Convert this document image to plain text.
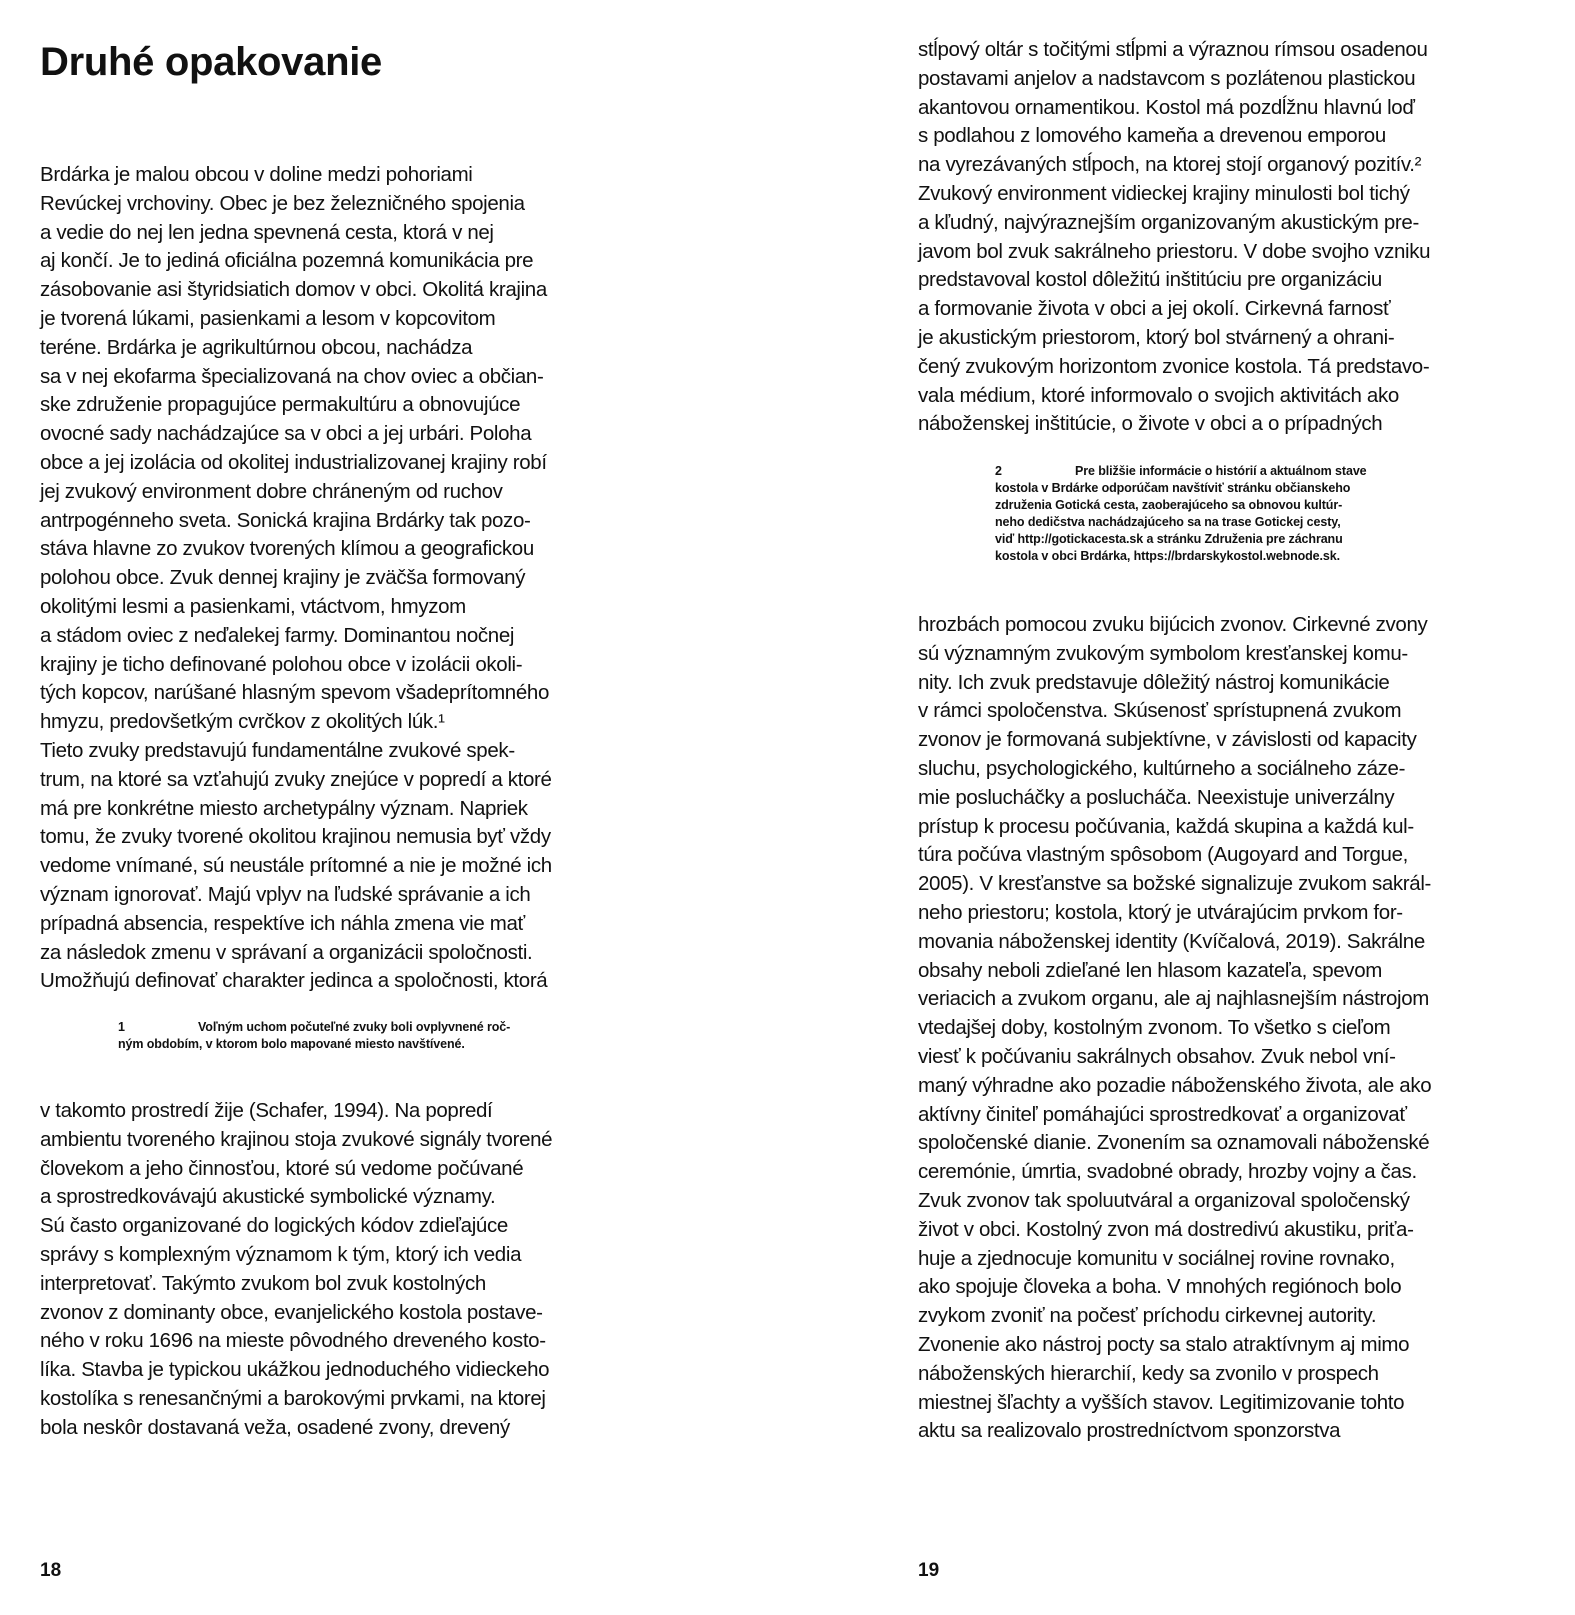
Druhé opakovanie
Brdárka je malou obcou v doline medzi pohoriami
Revúckej vrchoviny. Obec je bez železničného spojenia
a vedie do nej len jedna spevnená cesta, ktorá v nej
aj končí. Je to jediná oficiálna pozemná komunikácia pre
zásobovanie asi štyridsiatich domov v obci. Okolitá krajina
je tvorená lúkami, pasienkami a lesom v kopcovitom
teréne. Brdárka je agrikultúrnou obcou, nachádza
sa v nej ekofarma špecializovaná na chov oviec a občian-
ske združenie propagujúce permakultúru a obnovujúce
ovocné sady nachádzajúce sa v obci a jej urbári. Poloha
obce a jej izolácia od okolitej industrializovanej krajiny robí
jej zvukový environment dobre chráneným od ruchov
antrpogénneho sveta. Sonická krajina Brdárky tak pozo-
stáva hlavne zo zvukov tvorených klímou a geografickou
polohou obce. Zvuk dennej krajiny je zväčša formovaný
okolitými lesmi a pasienkami, vtáctvom, hmyzom
a stádom oviec z neďalekej farmy. Dominantou nočnej
krajiny je ticho definované polohou obce v izolácii okoli-
tých kopcov, narúšané hlasným spevom všadeprítomného
hmyzu, predovšetkým cvrčkov z okolitých lúk.¹
Tieto zvuky predstavujú fundamentálne zvukové spek-
trum, na ktoré sa vzťahujú zvuky znejúce v popredí a ktoré
má pre konkrétne miesto archetypálny význam. Napriek
tomu, že zvuky tvorené okolitou krajinou nemusia byť vždy
vedome vnímané, sú neustále prítomné a nie je možné ich
význam ignorovať. Majú vplyv na ľudské správanie a ich
prípadná absencia, respektíve ich náhla zmena vie mať
za následok zmenu v správaní a organizácii spoločnosti.
Umožňujú definovať charakter jedinca a spoločnosti, ktorá
1	Voľným uchom počuteľné zvuky boli ovplyvnené roč-
ným obdobím, v ktorom bolo mapované miesto navštívené.
v takomto prostredí žije (Schafer, 1994). Na popredí
ambientu tvoreného krajinou stoja zvukové signály tvorené
človekom a jeho činnosťou, ktoré sú vedome počúvané
a sprostredkovávajú akustické symbolické významy.
Sú často organizované do logických kódov zdieľajúce
správy s komplexným významom k tým, ktorý ich vedia
interpretovať. Takýmto zvukom bol zvuk kostolných
zvonov z dominanty obce, evanjelického kostola postave-
ného v roku 1696 na mieste pôvodného dreveného kosto-
líka. Stavba je typickou ukážkou jednoduchého vidieckeho
kostolíka s renesančnými a barokovými prvkami, na ktorej
bola neskôr dostavaná veža, osadené zvony, drevený
18
stĺpový oltár s točitými stĺpmi a výraznou rímsou osadenou
postavami anjelov a nadstavcom s pozlátenou plastickou
akantovou ornamentikou. Kostol má pozdĺžnu hlavnú loď
s podlahou z lomového kameňa a drevenou emporou
na vyrezávaných stĺpoch, na ktorej stojí organový pozitív.²
Zvukový environment vidieckej krajiny minulosti bol tichý
a kľudný, najvýraznejším organizovaným akustickým pre-
javom bol zvuk sakrálneho priestoru. V dobe svojho vzniku
predstavoval kostol dôležitú inštitúciu pre organizáciu
a formovanie života v obci a jej okolí. Cirkevná farnosť
je akustickým priestorom, ktorý bol stvárnený a ohrani-
čený zvukovým horizontom zvonice kostola. Tá predstavo-
vala médium, ktoré informovalo o svojich aktivitách ako
náboženskej inštitúcie, o živote v obci a o prípadných
2	Pre bližšie informácie o histórií a aktuálnom stave
kostola v Brdárke odporúčam navštíviť stránku občianskeho
združenia Gotická cesta, zaoberajúceho sa obnovou kultúr-
neho dedičstva nachádzajúceho sa na trase Gotickej cesty,
viď http://gotickacesta.sk a stránku Združenia pre záchranu
kostola v obci Brdárka, https://brdarskykostol.webnode.sk.
hrozbách pomocou zvuku bijúcich zvonov. Cirkevné zvony
sú významným zvukovým symbolom kresťanskej komu-
nity. Ich zvuk predstavuje dôležitý nástroj komunikácie
v rámci spoločenstva. Skúsenosť sprístupnená zvukom
zvonov je formovaná subjektívne, v závislosti od kapacity
sluchu, psychologického, kultúrneho a sociálneho záze-
mie poslucháčky a poslucháča. Neexistuje univerzálny
prístup k procesu počúvania, každá skupina a každá kul-
túra počúva vlastným spôsobom (Augoyard and Torgue,
2005). V kresťanstve sa božské signalizuje zvukom sakrál-
neho priestoru; kostola, ktorý je utvárajúcim prvkom for-
movania náboženskej identity (Kvíčalová, 2019). Sakrálne
obsahy neboli zdieľané len hlasom kazateľa, spevom
veriacich a zvukom organu, ale aj najhlasnejším nástrojom
vtedajšej doby, kostolným zvonom. To všetko s cieľom
viesť k počúvaniu sakrálnych obsahov. Zvuk nebol vní-
maný výhradne ako pozadie náboženského života, ale ako
aktívny činiteľ pomáhajúci sprostredkovať a organizovať
spoločenské dianie. Zvonením sa oznamovali náboženské
ceremónie, úmrtia, svadobné obrady, hrozby vojny a čas.
Zvuk zvonov tak spoluutváral a organizoval spoločenský
život v obci. Kostolný zvon má dostredivú akustiku, priťa-
huje a zjednocuje komunitu v sociálnej rovine rovnako,
ako spojuje človeka a boha. V mnohých regiónoch bolo
zvykom zvoniť na počesť príchodu cirkevnej autority.
Zvonenie ako nástroj pocty sa stalo atraktívnym aj mimo
náboženských hierarchií, kedy sa zvonilo v prospech
miestnej šľachty a vyšších stavov. Legitimizovanie tohto
aktu sa realizovalo prostredníctvom sponzorstva
19
